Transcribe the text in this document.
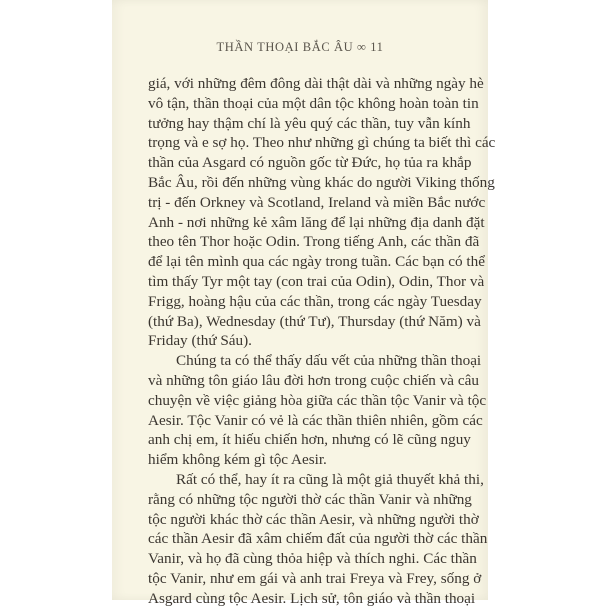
THẦN THOẠI BẮC ÂU ∞ 11
giá, với những đêm đông dài thật dài và những ngày hè
vô tận, thần thoại của một dân tộc không hoàn toàn tin
tưởng hay thậm chí là yêu quý các thần, tuy vẫn kính
trọng và e sợ họ. Theo như những gì chúng ta biết thì các
thần của Asgard có nguồn gốc từ Đức, họ tủa ra khắp
Bắc Âu, rồi đến những vùng khác do người Viking thống
trị - đến Orkney và Scotland, Ireland và miền Bắc nước
Anh - nơi những kẻ xâm lăng để lại những địa danh đặt
theo tên Thor hoặc Odin. Trong tiếng Anh, các thần đã
để lại tên mình qua các ngày trong tuần. Các bạn có thể
tìm thấy Tyr một tay (con trai của Odin), Odin, Thor và
Frigg, hoàng hậu của các thần, trong các ngày Tuesday
(thứ Ba), Wednesday (thứ Tư), Thursday (thứ Năm) và
Friday (thứ Sáu).
Chúng ta có thể thấy dấu vết của những thần thoại
và những tôn giáo lâu đời hơn trong cuộc chiến và câu
chuyện về việc giảng hòa giữa các thần tộc Vanir và tộc
Aesir. Tộc Vanir có vẻ là các thần thiên nhiên, gồm các
anh chị em, ít hiếu chiến hơn, nhưng có lẽ cũng nguy
hiểm không kém gì tộc Aesir.
Rất có thể, hay ít ra cũng là một giả thuyết khả thi,
rằng có những tộc người thờ các thần Vanir và những
tộc người khác thờ các thần Aesir, và những người thờ
các thần Aesir đã xâm chiếm đất của người thờ các thần
Vanir, và họ đã cùng thỏa hiệp và thích nghi. Các thần
tộc Vanir, như em gái và anh trai Freya và Frey, sống ở
Asgard cùng tộc Aesir. Lịch sử, tôn giáo và thần thoại
